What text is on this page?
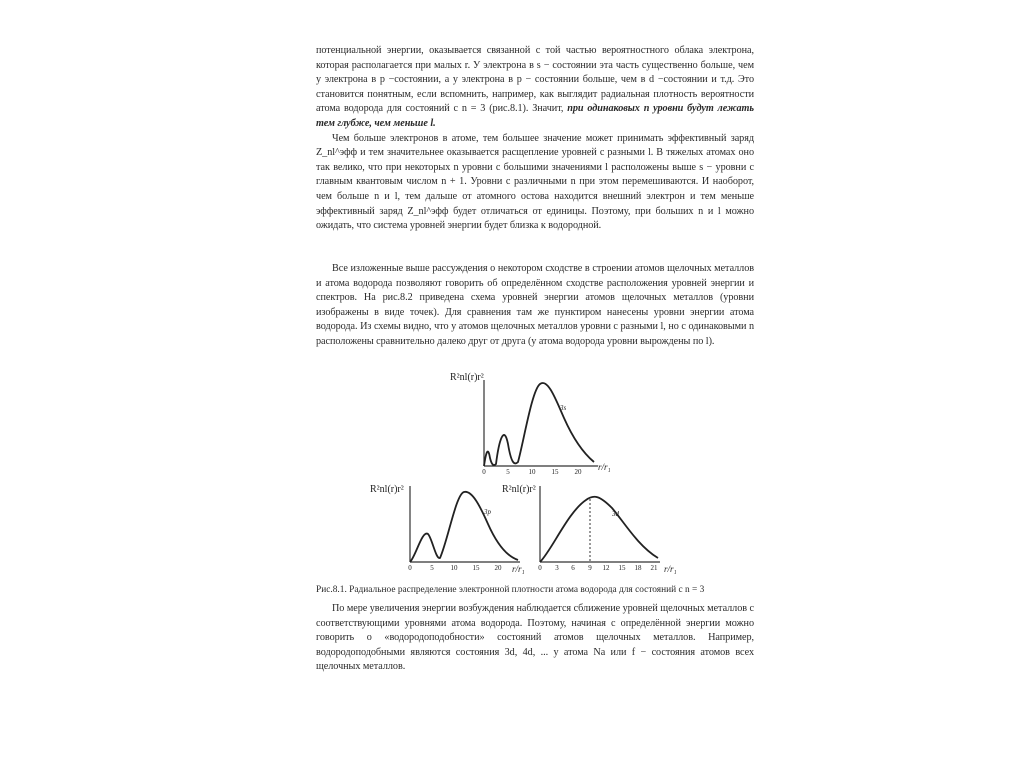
потенциальной энергии, оказывается связанной с той частью вероятностного облака электрона, которая располагается при малых r. У электрона в s − состоянии эта часть существенно больше, чем у электрона в p −состоянии, а у электрона в p − состоянии больше, чем в d −состоянии и т.д. Это становится понятным, если вспомнить, например, как выглядит радиальная плотность вероятности атома водорода для состояний с n = 3 (рис.8.1). Значит, при одинаковых n уровни будут лежать тем глубже, чем меньше l.

Чем больше электронов в атоме, тем большее значение может принимать эффективный заряд Z_nl^эфф и тем значительнее оказывается расщепление уровней с разными l. В тяжелых атомах оно так велико, что при некоторых n уровни с большими значениями l расположены выше s − уровни с главным квантовым числом n + 1. Уровни с различными n при этом перемешиваются. И наоборот, чем больше n и l, тем дальше от атомного остова находится внешний электрон и тем меньше эффективный заряд Z_nl^эфф будет отличаться от единицы. Поэтому, при больших n и l можно ожидать, что система уровней энергии будет близка к водородной.

Все изложенные выше рассуждения о некотором сходстве в строении атомов щелочных металлов и атома водорода позволяют говорить об определённом сходстве расположения уровней энергии и спектров. На рис.8.2 приведена схема уровней энергии атомов щелочных металлов (уровни изображены в виде точек). Для сравнения там же пунктиром нанесены уровни энергии атома водорода. Из схемы видно, что у атомов щелочных металлов уровни с разными l, но с одинаковыми n расположены сравнительно далеко друг от друга (у атома водорода уровни вырождены по l).

R²nl(r)r²
3s
0	5	10 15 20 r/r₁
R²nl(r)r²
3p
0	5 10 15 20 r/r₁
R²nl(r)r²
3d
0 3 6 9 12 15 18 21 r/r₁
Рис.8.1. Радиальное распределение электронной плотности атома водорода для состояний с n = 3

По мере увеличения энергии возбуждения наблюдается сближение уровней щелочных металлов с соответствующими уровнями атома водорода. Поэтому, начиная с определённой энергии можно говорить о «водородоподобности» состояний атомов щелочных металлов. Например, водородоподобными являются состояния 3d, 4d, ... у атома Na или f − состояния атомов всех щелочных металлов.
